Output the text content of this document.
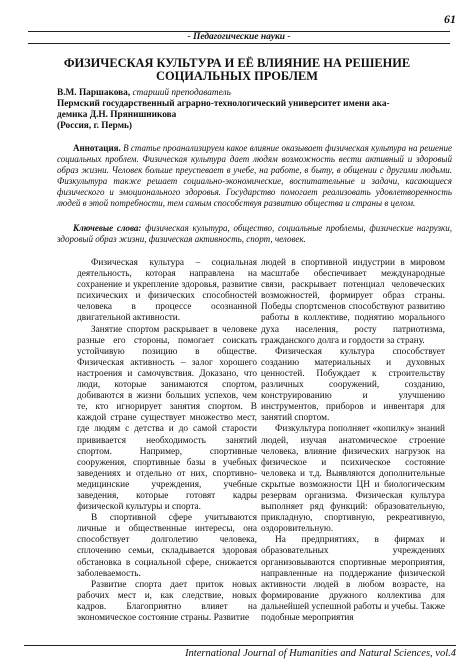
61
- Педагогические науки -
ФИЗИЧЕСКАЯ КУЛЬТУРА И ЕЁ ВЛИЯНИЕ НА РЕШЕНИЕ
СОЦИАЛЬНЫХ ПРОБЛЕМ
В.М. Паршакова, старший преподаватель
Пермский государственный аграрно-технологический университет имени ака-
демика Д.Н. Прянишникова
(Россия, г. Пермь)
Аннотация. В статье проанализируем какое влияние оказывает физическая культура на решение социальных проблем. Физическая культура дает людям возможность вести активный и здоровый образ жизни. Человек больше преуспевает в учебе, на работе, в быту, в общении с другими людьми. Физкультура также решает социально-экономические, воспитательные и задачи, касающиеся физического и эмоционального здоровья. Государство помогает реализовать удовлетворенность людей в этой потребности, тем самым способствуя развитию общества и страны в целом.
Ключевые слова: физическая культура, общество, социальные проблемы, физические нагрузки, здоровый образ жизни, физическая активность, спорт, человек.

Физическая культура – социальная деятельность, которая направлена на сохранение и укрепление здоровья, развитие психических и физических способностей человека в процессе осознанной двигательной активности.

Занятие спортом раскрывает в человеке разные его стороны, помогает соискать устойчивую позицию в обществе. Физическая активность – залог хорошего настроения и самочувствия. Доказано, что люди, которые занимаются спортом, добиваются в жизни больших успехов, чем те, кто игнорирует занятия спортом. В каждой стране существует множество мест, где людям с детства и до самой старости прививается необходимость занятий спортом. Например, спортивные сооружения, спортивные базы в учебных заведениях и отдельно от них, спортивно-медицинские учреждения, учебные заведения, которые готовят кадры физической культуры и спорта.

В спортивной сфере учитываются личные и общественные интересы, она способствует долголетию человека, сплочению семьи, складывается здоровая обстановка в социальной сфере, снижается заболеваемость.

Развитие спорта дает приток новых рабочих мест и, как следствие, новых кадров. Благоприятно влияет на экономическое состояние страны. Развитие

людей в спортивной индустрии в мировом масштабе обеспечивает международные связи, раскрывает потенциал человеческих возможностей, формирует образ страны. Победы спортсменов способствуют развитию работы в коллективе, поднятию морального духа населения, росту патриотизма, гражданского долга и гордости за страну.

Физическая культура способствует созданию материальных и духовных ценностей. Побуждает к строительству различных сооружений, созданию, конструированию и улучшению инструментов, приборов и инвентаря для занятий спортом.

Физкультура пополняет «копилку» знаний людей, изучая анатомическое строение человека, влияние физических нагрузок на физическое и психическое состояние человека и т.д. Выявляются дополнительные скрытые возможности ЦН и биологическим резервам организма. Физическая культура выполняет ряд функций: образовательную, прикладную, спортивную, рекреативную, оздоровительную.

На предприятиях, в фирмах и образовательных учреждениях организовываются спортивные мероприятия, направленные на поддержание физической активности людей в любом возрасте, на формирование дружного коллектива для дальнейшей успешной работы и учебы. Также подобные мероприятия

International Journal of Humanities and Natural Sciences, vol.4
